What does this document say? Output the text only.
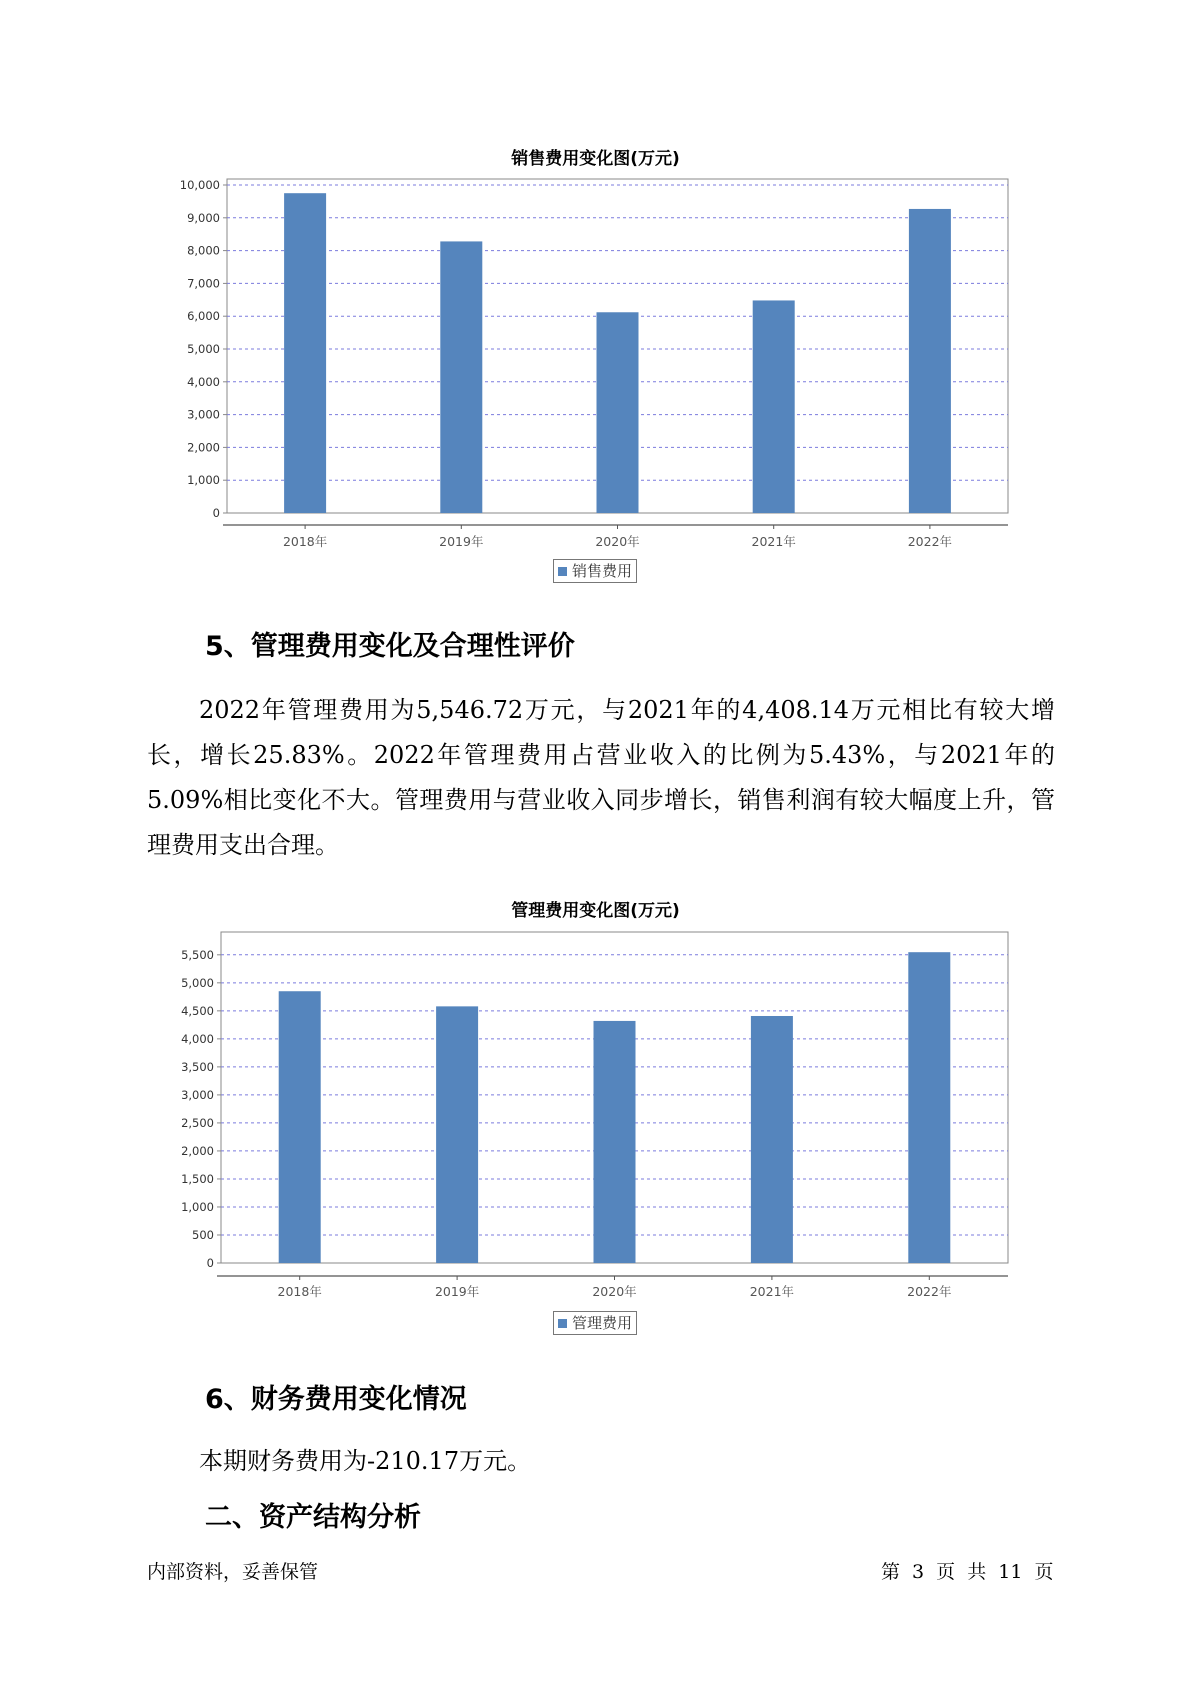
销售费用变化图(万元)
0
1,000
2,000
3,000
4,000
5,000
6,000
7,000
8,000
9,000
10,000
2018年	2019年	2020年	2021年	2022年
销售费用
5、管理费用变化及合理性评价

2022年管理费用为5,546.72万元，与2021年的4,408.14万元相比有较大增长，增长25.83%。2022年管理费用占营业收入的比例为5.43%，与2021年的5.09%相比变化不大。管理费用与营业收入同步增长，销售利润有较大幅度上升，管理费用支出合理。

管理费用变化图(万元)
0
500
1,000
1,500
2,000
2,500
3,000
3,500
4,000
4,500
5,000
5,500
2018年	2019年	2020年	2021年	2022年
管理费用
6、财务费用变化情况

本期财务费用为-210.17万元。

二、资产结构分析
内部资料，妥善保管	第 3 页 共 11 页
